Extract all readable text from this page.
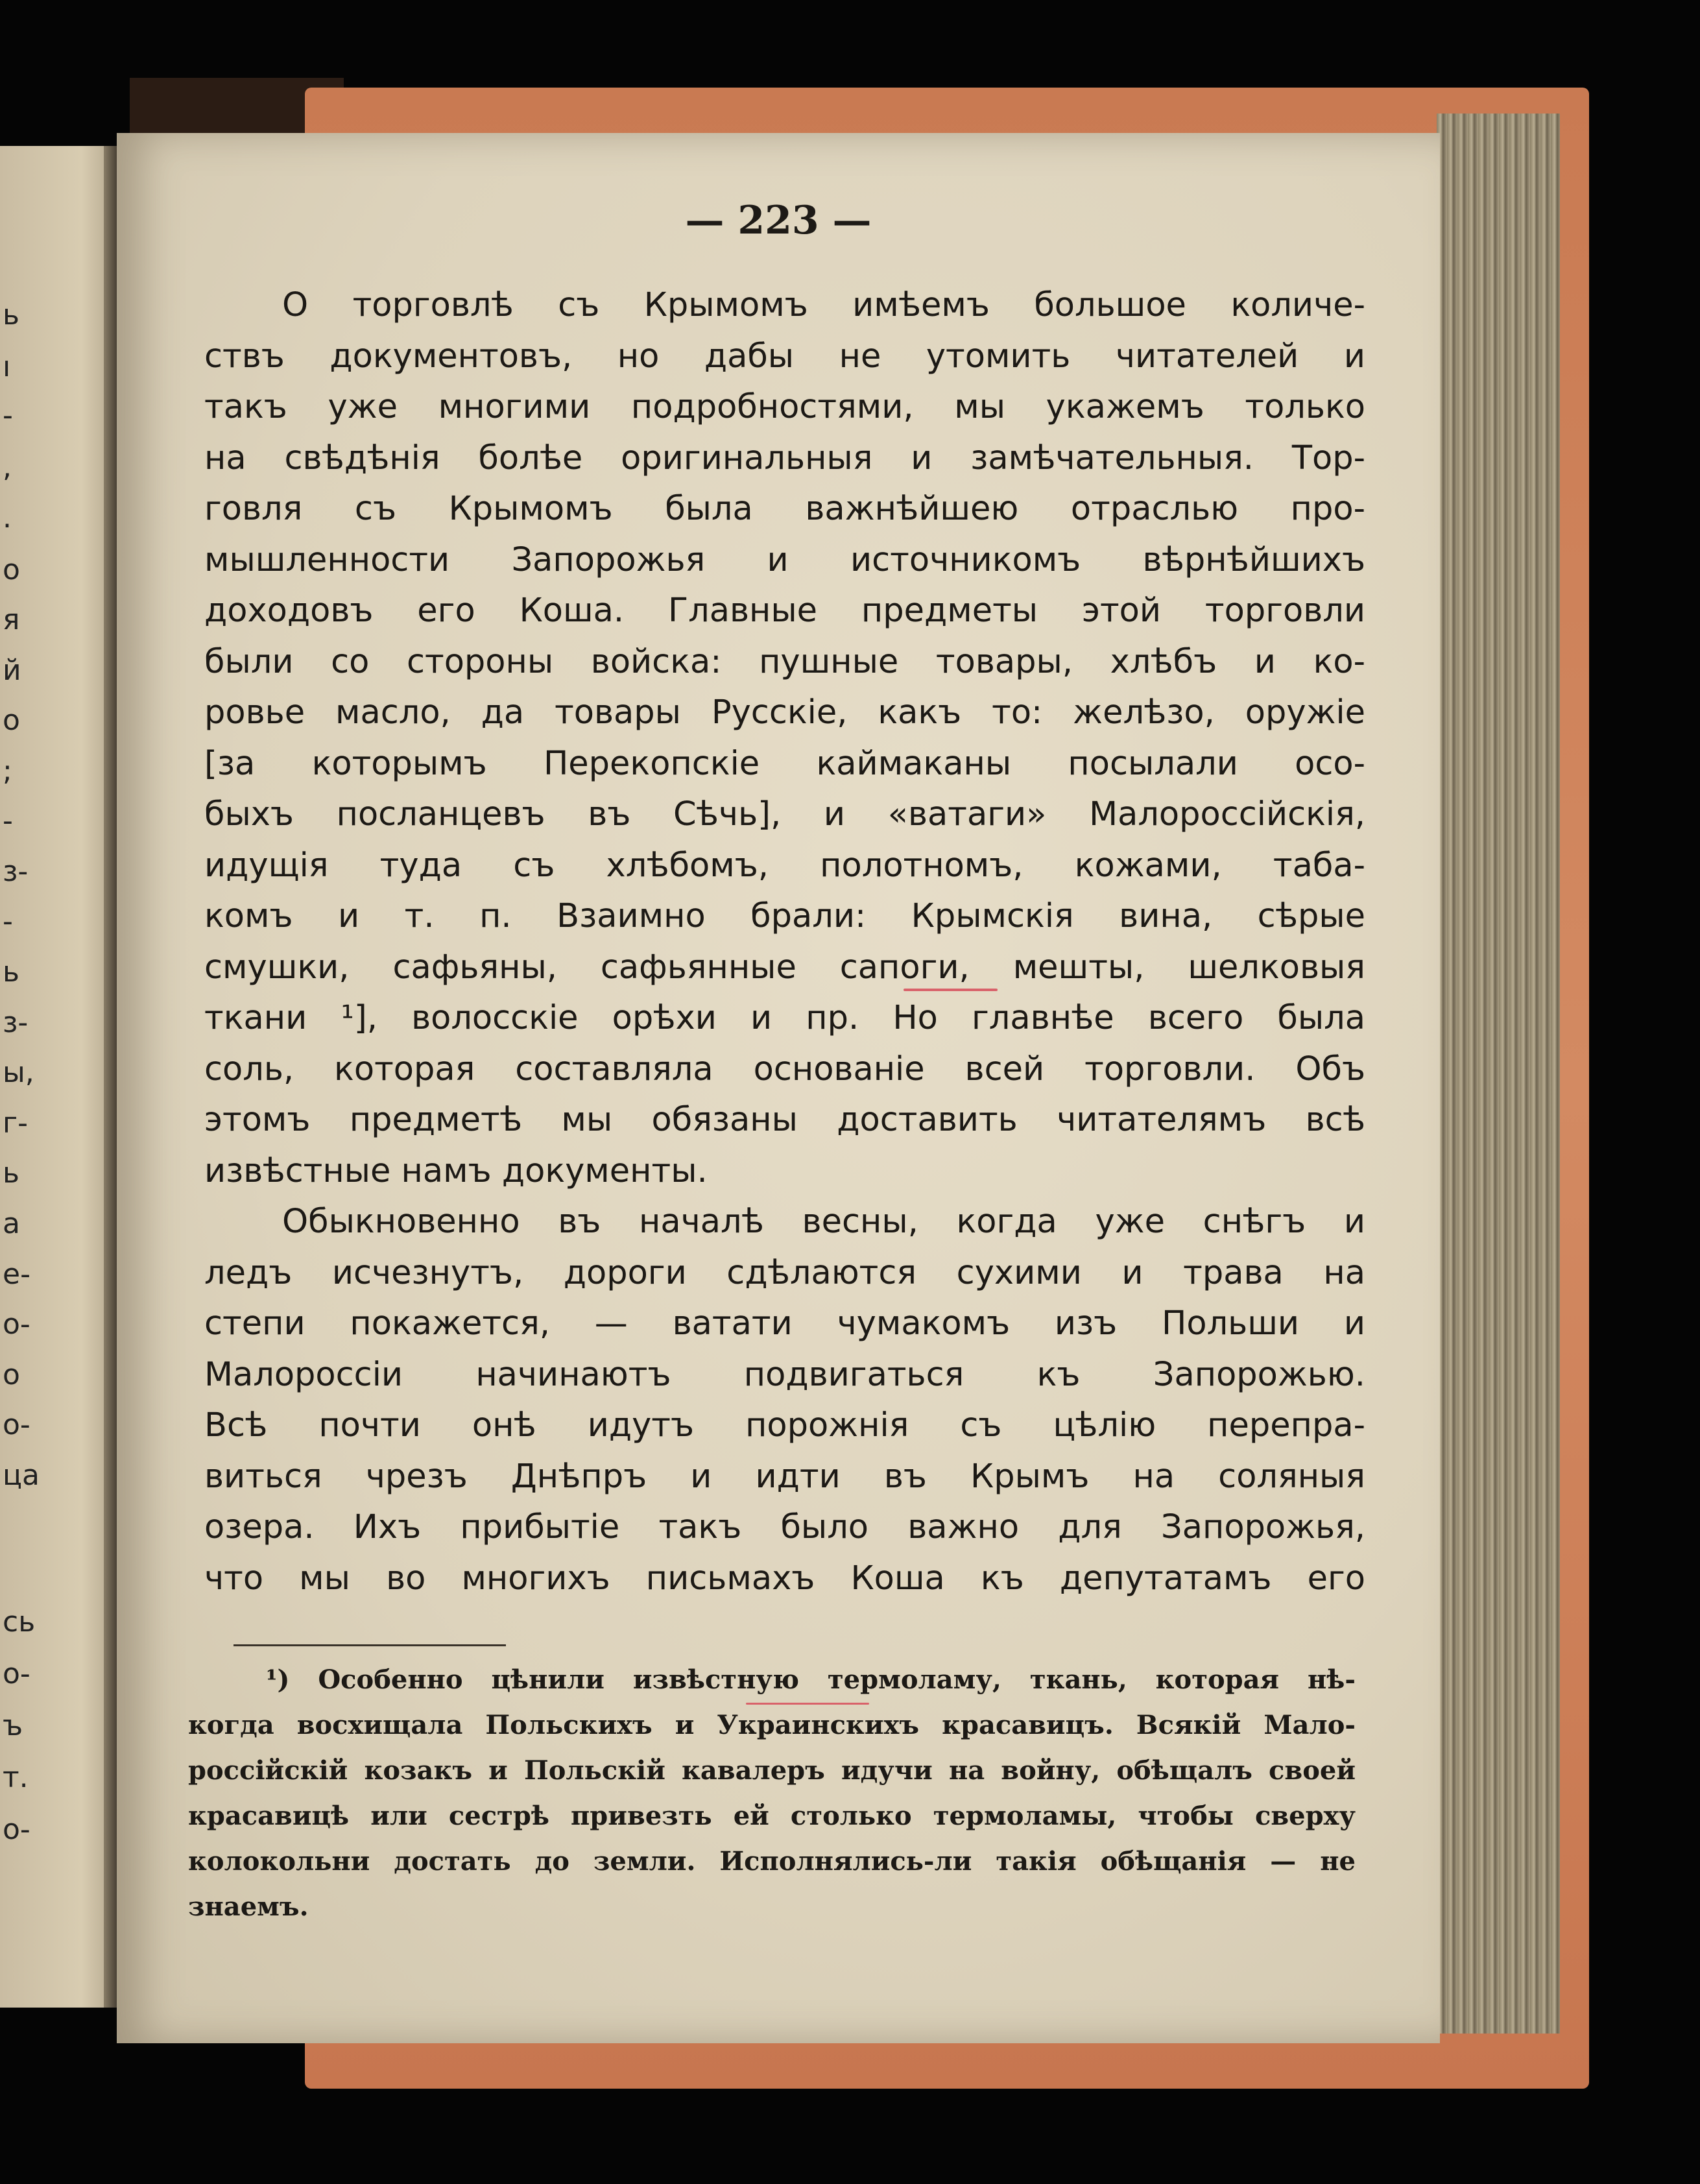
ь
ı
-
,
.
о
я
й
о
;
-
з-
-
ь
з-
ы,
г-
ь
а
е-
о-
о
о-
ца
сь
о-
ъ
т.
о-
— 223 —
О торговлѣ съ Крымомъ имѣемъ большое количе-
ствъ документовъ, но дабы не утомить читателей и
такъ уже многими подробностями, мы укажемъ только
на свѣдѣнія болѣе оригинальныя и замѣчательныя. Тор-
говля съ Крымомъ была важнѣйшею отраслью про-
мышленности Запорожья и источникомъ вѣрнѣйшихъ
доходовъ его Коша. Главные предметы этой торговли
были со стороны войска: пушные товары, хлѣбъ и ко-
ровье масло, да товары Русскіе, какъ то: желѣзо, оружіе
[за которымъ Перекопскіе каймаканы посылали осо-
быхъ посланцевъ въ Сѣчь], и «ватаги» Малороссійскія,
идущія туда съ хлѣбомъ, полотномъ, кожами, таба-
комъ и т. п. Взаимно брали: Крымскія вина, сѣрые
смушки, сафьяны, сафьянные сапоги, мешты, шелковыя
ткани ¹], волосскіе орѣхи и пр. Но главнѣе всего была
соль, которая составляла основаніе всей торговли. Объ
этомъ предметѣ мы обязаны доставить читателямъ всѣ
извѣстные намъ документы.
Обыкновенно въ началѣ весны, когда уже снѣгъ и
ледъ исчезнутъ, дороги сдѣлаются сухими и трава на
степи покажется, — ватати чумакомъ изъ Польши и
Малороссіи начинаютъ подвигаться къ Запорожью.
Всѣ почти онѣ идутъ порожнія съ цѣлію перепра-
виться чрезъ Днѣпръ и идти въ Крымъ на соляныя
озера. Ихъ прибытіе такъ было важно для Запорожья,
что мы во многихъ письмахъ Коша къ депутатамъ его
¹) Особенно цѣнили извѣстную термоламу, ткань, которая нѣ-
когда восхищала Польскихъ и Украинскихъ красавицъ. Всякій Мало-
россійскій козакъ и Польскій кавалеръ идучи на войну, обѣщалъ своей
красавицѣ или сестрѣ привезть ей столько термоламы, чтобы сверху
колокольни достать до земли. Исполнялись-ли такія обѣщанія — не
знаемъ.
